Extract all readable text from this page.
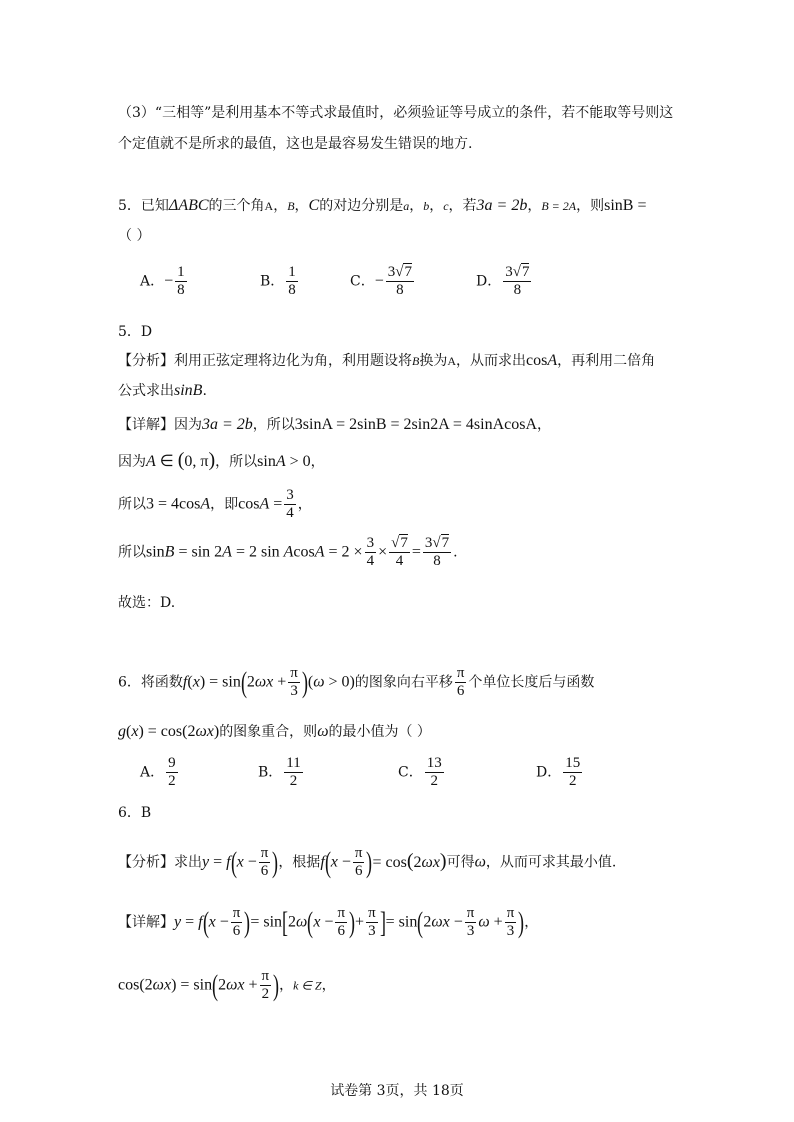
（3）“三相等”是利用基本不等式求最值时，必须验证等号成立的条件，若不能取等号则这
个定值就不是所求的最值，这也是最容易发生错误的地方.
5．已知ΔABC的三个角A，B，C的对边分别是a，b，c，若3a = 2b，B = 2A，则sinB =
（ ）
A．− $\frac{1}{8}$	B． $\frac{1}{8}$	C．− $\frac{3√7}{8}$	D． $\frac{3√7}{8}$
5．D
【分析】利用正弦定理将边化为角，利用题设将B换为A，从而求出cosA，再利用二倍角
公式求出sinB.
【详解】因为3a = 2b，所以3sinA = 2sinB = 2sin2A = 4sinAcosA，
因为A ∈ (0, π)，所以sinA > 0，
所以3 = 4cosA，即$\cos A = \frac{3}{4}$ ，
所以sinB = sin 2A = 2 $\sin AcosA = 2 \times \frac{3}{4} \times \frac{√7}{4} = \frac{3√7}{8}$ .
故选：D.
6．将函数$f(x) = \sin(2\omega x + \frac{\pi}{3} )(\omega > 0)$的图象向右平移 $\frac{\pi}{6}$ 个单位长度后与函数
g(x) = cos(2ωx)的图象重合，则ω的最小值为（ ）
A． $\frac{9}{2}$	B． $\frac{11}{2}$	C． $\frac{13}{2}$	D． $\frac{15}{2}$
6．B
【分析】求出$y = f(x - \frac{\pi}{6}$ )，根据$f(x - \frac{\pi}{6}$ )= cos(2ωx)可得ω，从而可求其最小值.
【详解】$y = f(x - \frac{\pi}{6}$ )= $\sin[2\omega(x - \frac{\pi}{6}$ )+ $\frac{\pi}{3}$ ]= $\sin(2\omega x - \frac{\pi}{3}$ $\omega + \frac{\pi}{3}$ )，
$\cos(2\omega x) = \sin(2\omega x + \frac{\pi}{2}$ )，k ∈ Z，
试卷第 3页，共 18页
